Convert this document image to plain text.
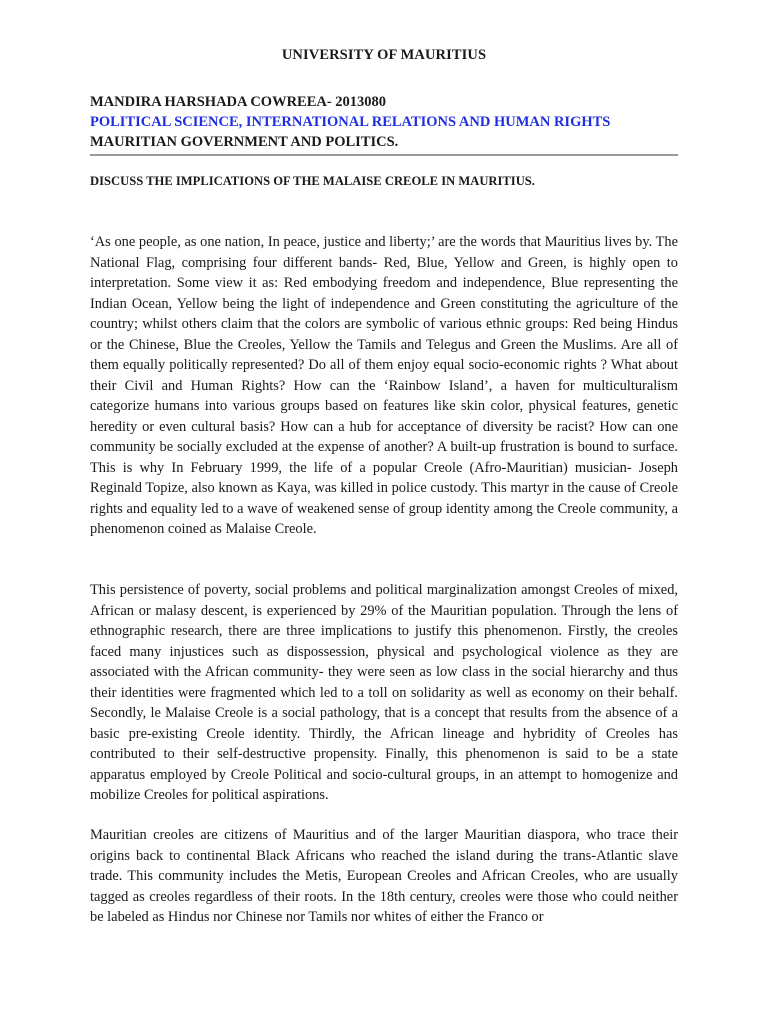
UNIVERSITY OF MAURITIUS
MANDIRA HARSHADA COWREEA- 2013080
POLITICAL SCIENCE, INTERNATIONAL RELATIONS AND HUMAN RIGHTS
MAURITIAN GOVERNMENT AND POLITICS.
DISCUSS THE IMPLICATIONS OF THE MALAISE CREOLE IN MAURITIUS.

‘As one people, as one nation, In peace, justice and liberty;’ are the words that Mauritius lives by. The National Flag, comprising four different bands- Red, Blue, Yellow and Green, is highly open to interpretation. Some view it as: Red embodying freedom and independence, Blue representing the Indian Ocean, Yellow being the light of independence and Green constituting the agriculture of the country; whilst others claim that the colors are symbolic of various ethnic groups: Red being Hindus or the Chinese, Blue the Creoles, Yellow the Tamils and Telegus and Green the Muslims. Are all of them equally politically represented? Do all of them enjoy equal socio-economic rights ? What about their Civil and Human Rights? How can the ‘Rainbow Island’, a haven for multiculturalism categorize humans into various groups based on features like skin color, physical features, genetic heredity or even cultural basis? How can a hub for acceptance of diversity be racist? How can one community be socially excluded at the expense of another? A built-up frustration is bound to surface. This is why In February 1999, the life of a popular Creole (Afro-Mauritian) musician- Joseph Reginald Topize, also known as Kaya, was killed in police custody. This martyr in the cause of Creole rights and equality led to a wave of weakened sense of group identity among the Creole community, a phenomenon coined as Malaise Creole.

This persistence of poverty, social problems and political marginalization amongst Creoles of mixed, African or malasy descent, is experienced by 29% of the Mauritian population. Through the lens of ethnographic research, there are three implications to justify this phenomenon. Firstly, the creoles faced many injustices such as dispossession, physical and psychological violence as they are associated with the African community- they were seen as low class in the social hierarchy and thus their identities were fragmented which led to a toll on solidarity as well as economy on their behalf. Secondly, le Malaise Creole is a social pathology, that is a concept that results from the absence of a basic pre-existing Creole identity. Thirdly, the African lineage and hybridity of Creoles has contributed to their self-destructive propensity. Finally, this phenomenon is said to be a state apparatus employed by Creole Political and socio-cultural groups, in an attempt to homogenize and mobilize Creoles for political aspirations.

Mauritian creoles are citizens of Mauritius and of the larger Mauritian diaspora, who trace their origins back to continental Black Africans who reached the island during the trans-Atlantic slave trade. This community includes the Metis, European Creoles and African Creoles, who are usually tagged as creoles regardless of their roots. In the 18th century, creoles were those who could neither be labeled as Hindus nor Chinese nor Tamils nor whites of either the Franco or
